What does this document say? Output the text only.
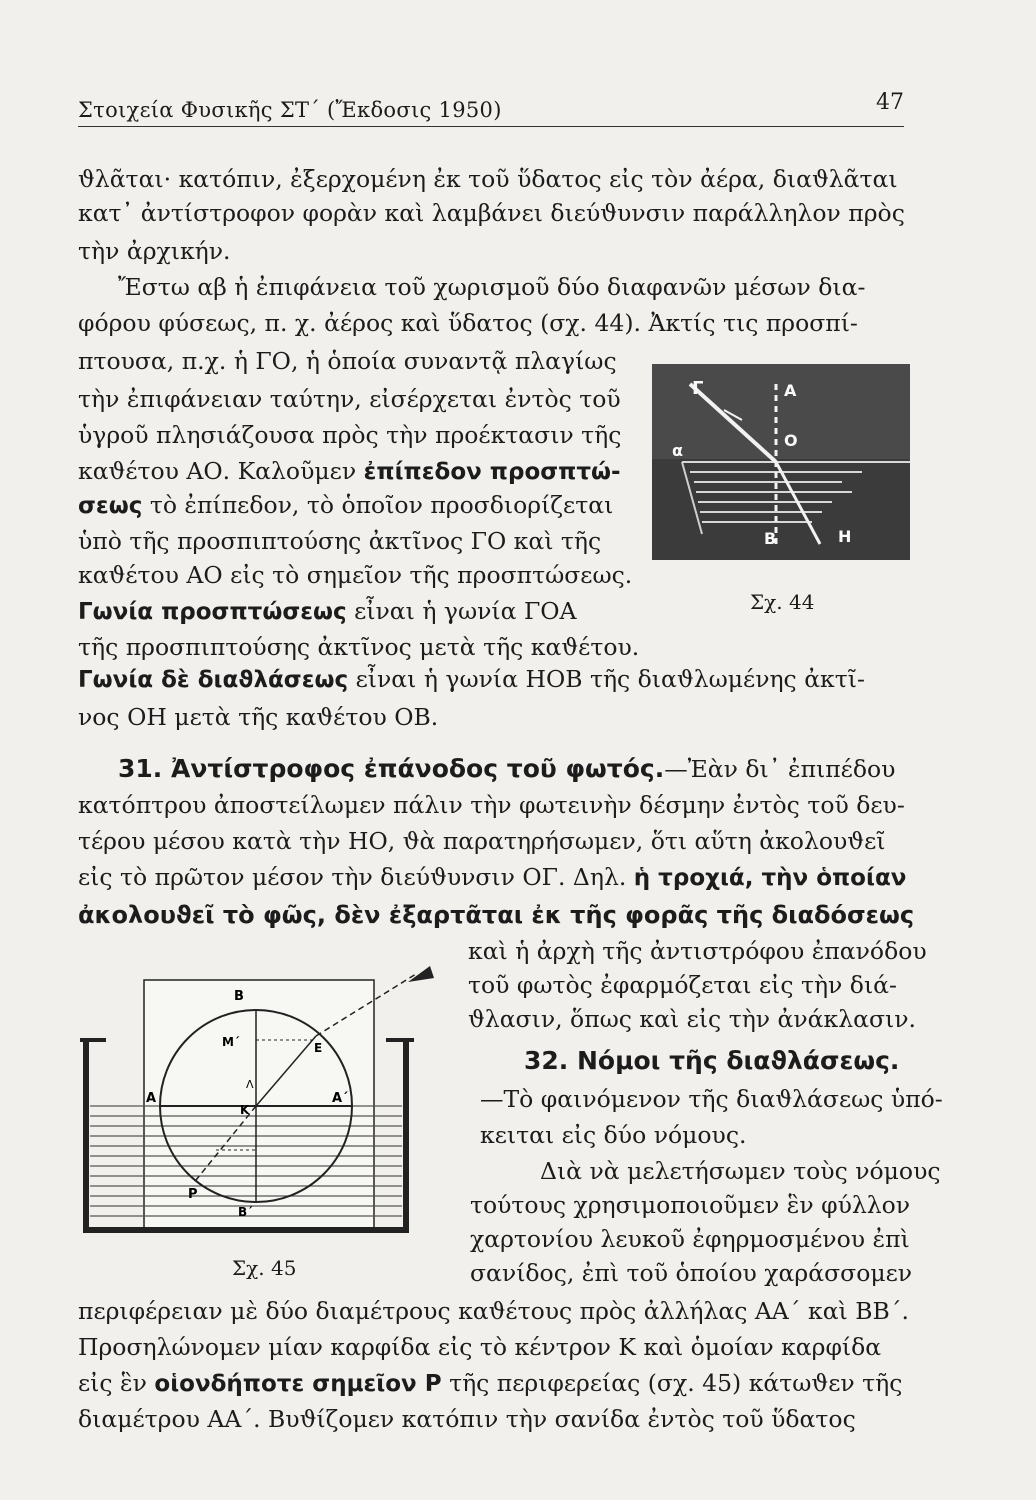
Στοιχεία Φυσικῆς ΣΤ΄ (Ἔκδοσις 1950)	47
ϑλᾶται· κατόπιν, ἐξερχομένη ἐκ τοῦ ὕδατος εἰς τὸν ἀέρα, διαϑλᾶται
κατ᾿ ἀντίστροφον φορὰν καὶ λαμβάνει διεύϑυνσιν παράλληλον πρὸς
τὴν ἀρχικήν.
Ἔστω αβ ἡ ἐπιφάνεια τοῦ χωρισμοῦ δύο διαφανῶν μέσων δια-
φόρου φύσεως, π. χ. ἀέρος καὶ ὕδατος (σχ. 44). Ἀκτίς τις προσπί-
πτουσα, π.χ. ἡ ΓΟ, ἡ ὁποία συναντᾷ πλαγίως
τὴν ἐπιφάνειαν ταύτην, εἰσέρχεται ἐντὸς τοῦ
ὑγροῦ πλησιάζουσα πρὸς τὴν προέκτασιν τῆς
καϑέτου ΑΟ. Καλοῦμεν ἐπίπεδον προσπτώ-
σεως τὸ ἐπίπεδον, τὸ ὁποῖον προσδιορίζεται
ὑπὸ τῆς προσπιπτούσης ἀκτῖνος ΓΟ καὶ τῆς
καϑέτου ΑΟ εἰς τὸ σημεῖον τῆς προσπτώσεως.
Γωνία προσπτώσεως εἶναι ἡ γωνία ΓΟΑ
τῆς προσπιπτούσης ἀκτῖνος μετὰ τῆς καϑέτου.
Γωνία δὲ διαϑλάσεως εἶναι ἡ γωνία ΗΟΒ τῆς διαϑλωμένης ἀκτῖ-
νος ΟΗ μετὰ τῆς καϑέτου ΟΒ.
Γ	Α
α
Ο
Β	Η
Σχ. 44
31. Ἀντίστροφος ἐπάνοδος τοῦ φωτός.—Ἐὰν δι᾿ ἐπιπέδου
κατόπτρου ἀποστείλωμεν πάλιν τὴν φωτεινὴν δέσμην ἐντὸς τοῦ δευ-
τέρου μέσου κατὰ τὴν ΗΟ, ϑὰ παρατηρήσωμεν, ὅτι αὕτη ἀκολουϑεῖ
εἰς τὸ πρῶτον μέσον τὴν διεύϑυνσιν ΟΓ. Δηλ. ἡ τροχιά, τὴν ὁποίαν
ἀκολουϑεῖ τὸ φῶς, δὲν ἐξαρτᾶται ἐκ τῆς φορᾶς τῆς διαδόσεως
καὶ ἡ ἀρχὴ τῆς ἀντιστρόφου ἐπανόδου
τοῦ φωτὸς ἐφαρμόζεται εἰς τὴν διά-
ϑλασιν, ὅπως καὶ εἰς τὴν ἀνάκλασιν.
32. Νόμοι τῆς διαϑλάσεως.
—Τὸ φαινόμενον τῆς διαϑλάσεως ὑπό-
κειται εἰς δύο νόμους.
Διὰ νὰ μελετήσωμεν τοὺς νόμους
τούτους χρησιμοποιοῦμεν ἓν φύλλον
χαρτονίου λευκοῦ ἐφηρμοσμένου ἐπὶ
σανίδος, ἐπὶ τοῦ ὁποίου χαράσσομεν
Β
Μ΄	Ε
Α	Α΄
Κ
Λ
Ρ
Β΄
Σχ. 45
περιφέρειαν μὲ δύο διαμέτρους καϑέτους πρὸς ἀλλήλας ΑΑ΄ καὶ ΒΒ΄.
Προσηλώνομεν μίαν καρφίδα εἰς τὸ κέντρον Κ καὶ ὁμοίαν καρφίδα
εἰς ἓν οἱονδήποτε σημεῖον Ρ τῆς περιφερείας (σχ. 45) κάτωϑεν τῆς
διαμέτρου ΑΑ΄. Βυϑίζομεν κατόπιν τὴν σανίδα ἐντὸς τοῦ ὕδατος
